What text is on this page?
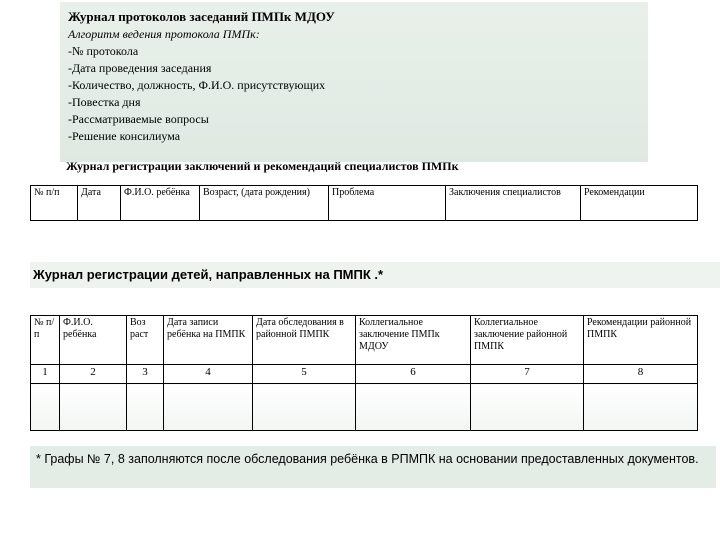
Журнал протоколов заседаний ПМПк МДОУ
Алгоритм ведения протокола ПМПк:
-№ протокола
-Дата проведения заседания
-Количество, должность, Ф.И.О. присутствующих
-Повестка дня
-Рассматриваемые вопросы
-Решение консилиума
Журнал регистрации заключений и рекомендаций специалистов ПМПк
№ п/п	Дата	Ф.И.О. ребёнка	Возраст, (дата рождения)	Проблема	Заключения специалистов	Рекомендации
Журнал регистрации детей, направленных на ПМПК .*
№ п/ п	Ф.И.О. ребёнка	Воз раст	Дата записи ребёнка на ПМПК	Дата обследования в районной ПМПК	Коллегиальное заключение ПМПк МДОУ	Коллегиальное заключение районной ПМПК	Рекомендации районной ПМПК
1	2	3	4	5	6	7	8

* Графы № 7, 8 заполняются после обследования ребёнка в РПМПК на основании предоставленных документов.
